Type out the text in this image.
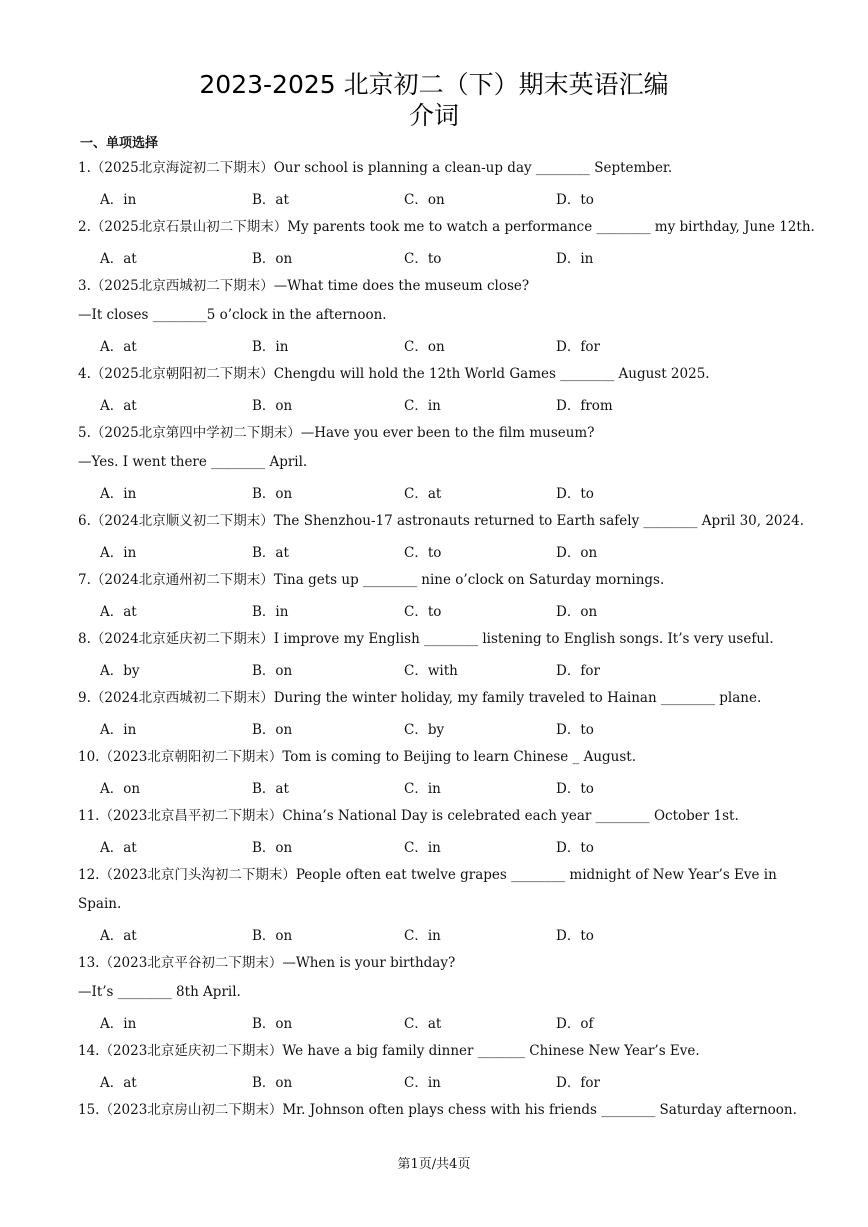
2023-2025 北京初二（下）期末英语汇编
介词
一、单项选择
1.（2025北京海淀初二下期末）Our school is planning a clean-up day ________ September.
A．in	B．at	C．on	D．to
2.（2025北京石景山初二下期末）My parents took me to watch a performance ________ my birthday, June 12th.
A．at	B．on	C．to	D．in
3.（2025北京西城初二下期末）—What time does the museum close?
—It closes ________5 o’clock in the afternoon.
A．at	B．in	C．on	D．for
4.（2025北京朝阳初二下期末）Chengdu will hold the 12th World Games ________ August 2025.
A．at	B．on	C．in	D．from
5.（2025北京第四中学初二下期末）—Have you ever been to the film museum?
—Yes. I went there ________ April.
A．in	B．on	C．at	D．to
6.（2024北京顺义初二下期末）The Shenzhou-17 astronauts returned to Earth safely ________ April 30, 2024.
A．in	B．at	C．to	D．on
7.（2024北京通州初二下期末）Tina gets up ________ nine o’clock on Saturday mornings.
A．at	B．in	C．to	D．on
8.（2024北京延庆初二下期末）I improve my English ________ listening to English songs. It’s very useful.
A．by	B．on	C．with	D．for
9.（2024北京西城初二下期末）During the winter holiday, my family traveled to Hainan ________ plane.
A．in	B．on	C．by	D．to
10.（2023北京朝阳初二下期末）Tom is coming to Beijing to learn Chinese _ August.
A．on	B．at	C．in	D．to
11.（2023北京昌平初二下期末）China’s National Day is celebrated each year ________ October 1st.
A．at	B．on	C．in	D．to
12.（2023北京门头沟初二下期末）People often eat twelve grapes ________ midnight of New Year’s Eve in Spain.
A．at	B．on	C．in	D．to
13.（2023北京平谷初二下期末）—When is your birthday?
—It’s ________ 8th April.
A．in	B．on	C．at	D．of
14.（2023北京延庆初二下期末）We have a big family dinner _______ Chinese New Year’s Eve.
A．at	B．on	C．in	D．for
15.（2023北京房山初二下期末）Mr. Johnson often plays chess with his friends ________ Saturday afternoon.
第1页/共4页
